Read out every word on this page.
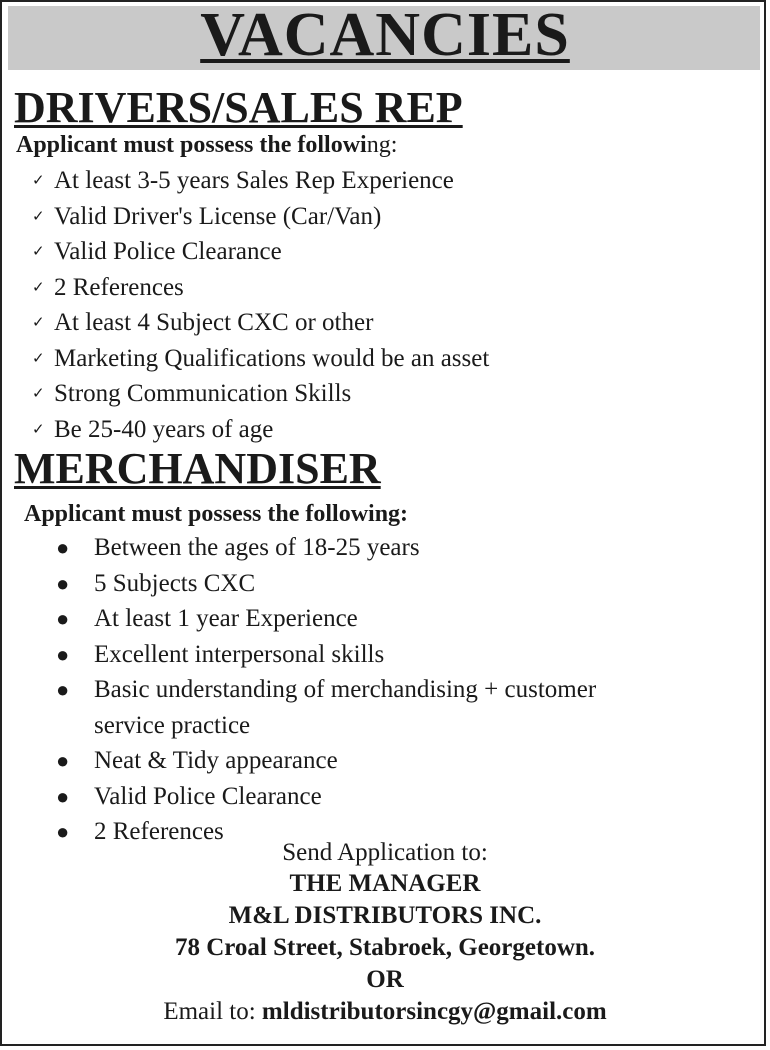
VACANCIES
DRIVERS/SALES REP
Applicant must possess the following:
✓ At least 3-5 years Sales Rep Experience
✓ Valid Driver's License (Car/Van)
✓ Valid Police Clearance
✓ 2 References
✓ At least 4 Subject CXC or other
✓ Marketing Qualifications would be an asset
✓ Strong Communication Skills
✓ Be 25-40 years of age
MERCHANDISER
Applicant must possess the following:
● Between the ages of 18-25 years
● 5 Subjects CXC
● At least 1 year Experience
● Excellent interpersonal skills
● Basic understanding of merchandising + customer
service practice
● Neat & Tidy appearance
● Valid Police Clearance
● 2 References
Send Application to:
THE MANAGER
M&L DISTRIBUTORS INC.
78 Croal Street, Stabroek, Georgetown.
OR
Email to: mldistributorsincgy@gmail.com
